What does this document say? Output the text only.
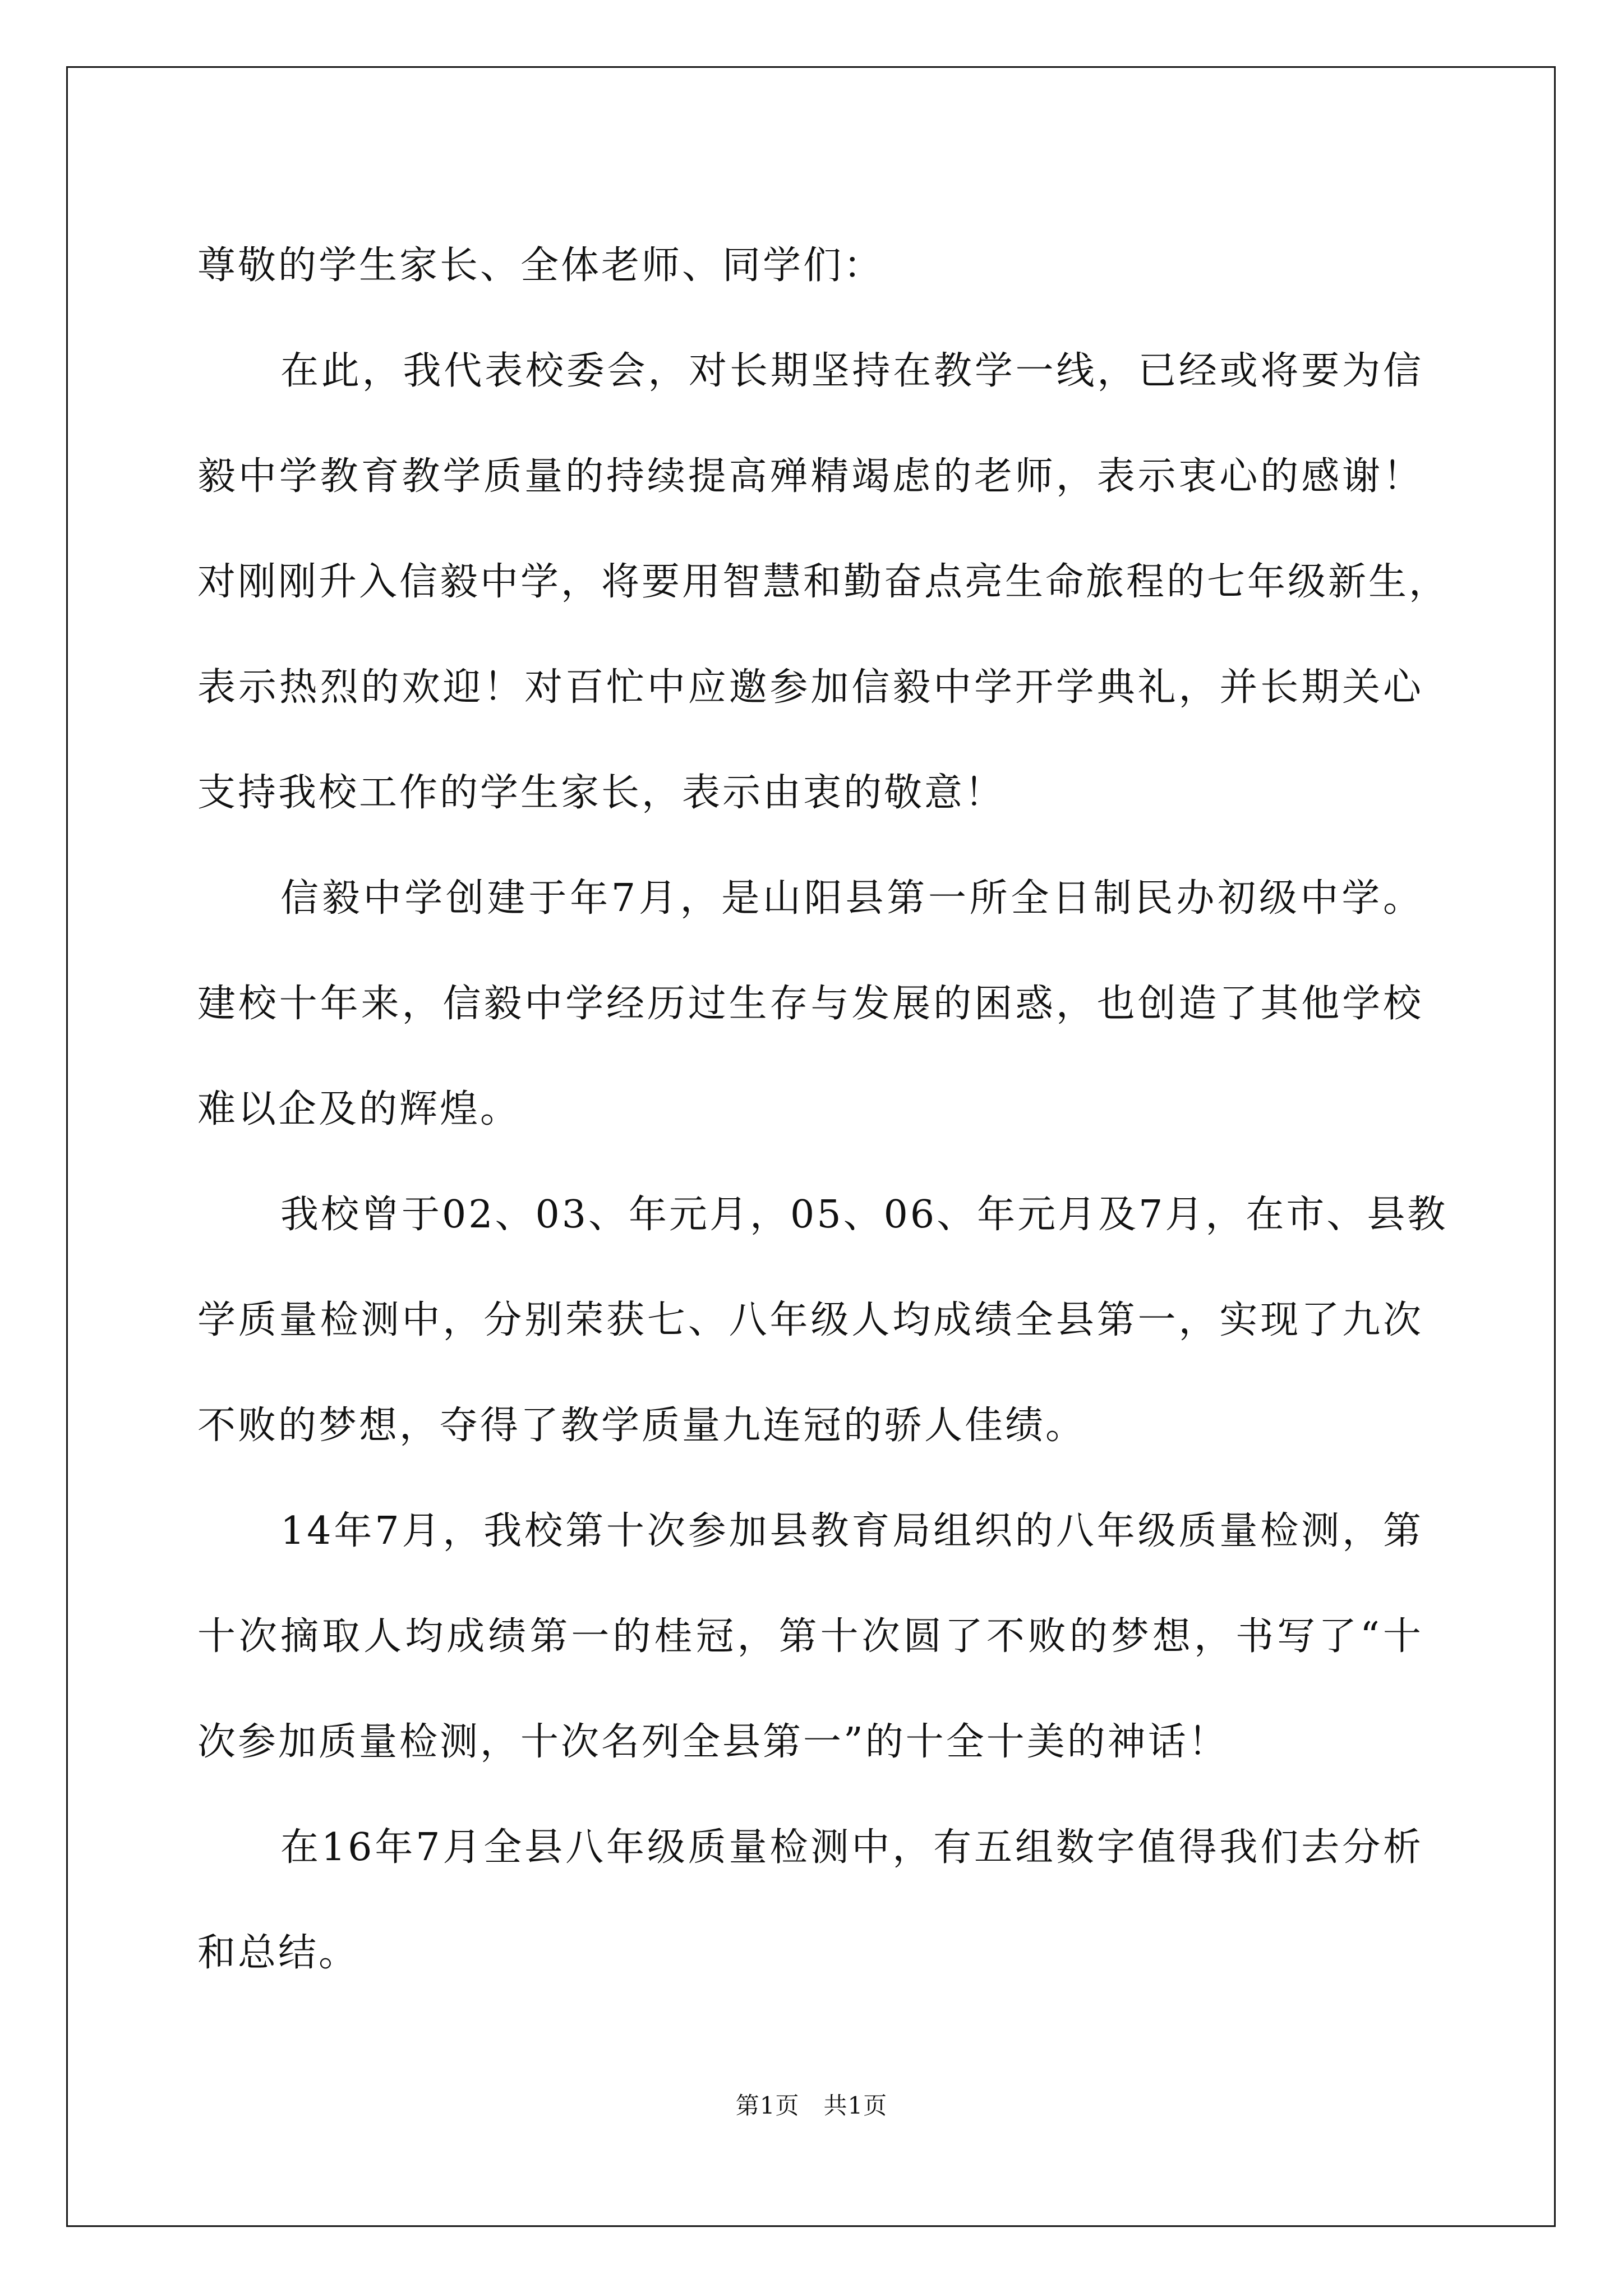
尊敬的学生家长、全体老师、同学们：
在此，我代表校委会，对长期坚持在教学一线，已经或将要为信
毅中学教育教学质量的持续提高殚精竭虑的老师，表示衷心的感谢！
对刚刚升入信毅中学，将要用智慧和勤奋点亮生命旅程的七年级新生，
表示热烈的欢迎！对百忙中应邀参加信毅中学开学典礼，并长期关心
支持我校工作的学生家长，表示由衷的敬意！
信毅中学创建于年7月，是山阳县第一所全日制民办初级中学。
建校十年来，信毅中学经历过生存与发展的困惑，也创造了其他学校
难以企及的辉煌。
我校曾于02、03、年元月，05、06、年元月及7月，在市、县教
学质量检测中，分别荣获七、八年级人均成绩全县第一，实现了九次
不败的梦想，夺得了教学质量九连冠的骄人佳绩。
14年7月，我校第十次参加县教育局组织的八年级质量检测，第
十次摘取人均成绩第一的桂冠，第十次圆了不败的梦想，书写了“十
次参加质量检测，十次名列全县第一”的十全十美的神话！
在16年7月全县八年级质量检测中，有五组数字值得我们去分析
和总结。
第1页　共1页
